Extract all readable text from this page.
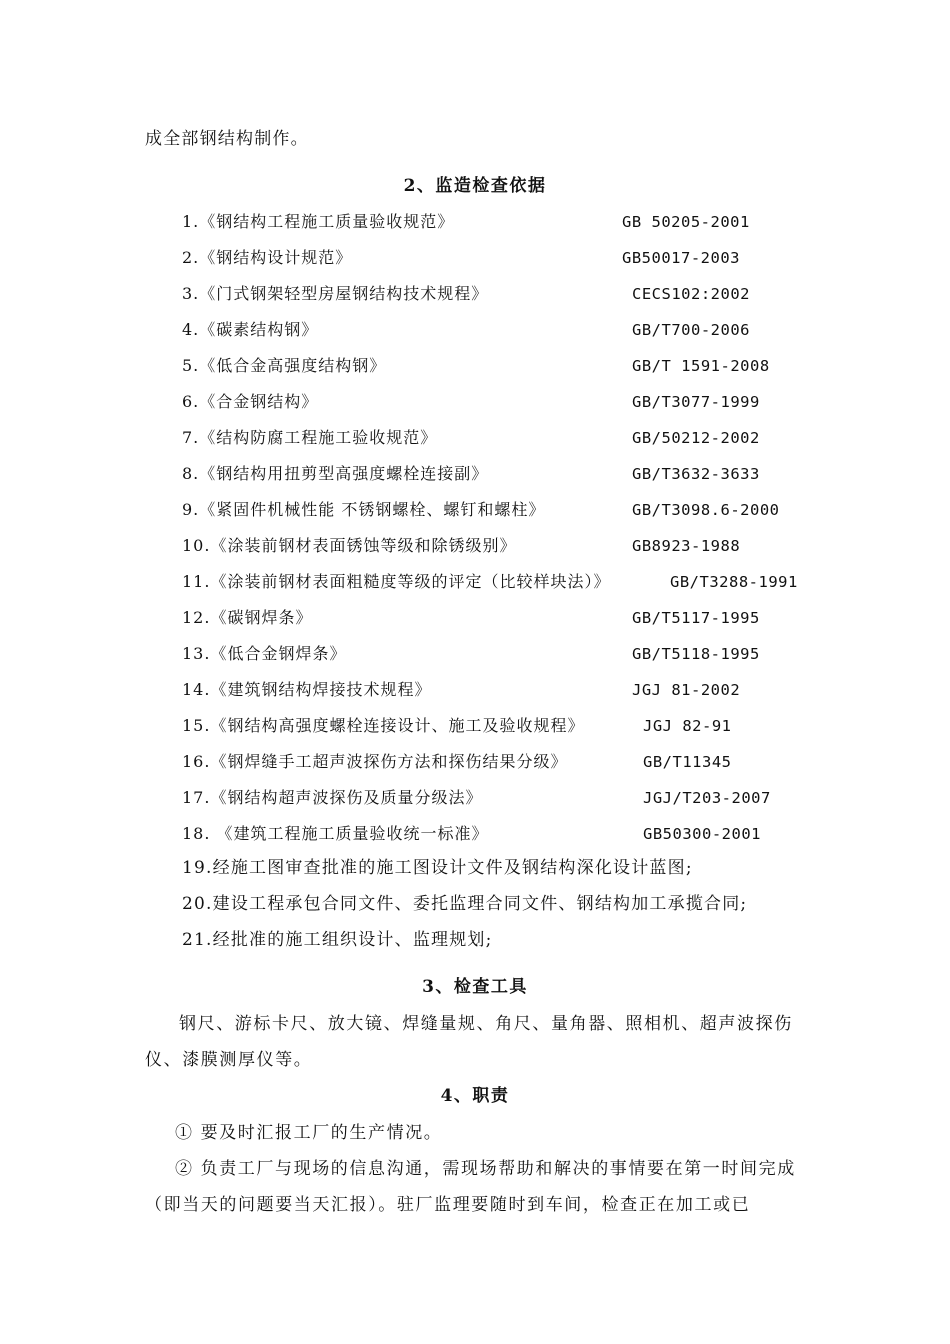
成全部钢结构制作。
2、监造检查依据
1.《钢结构工程施工质量验收规范》	GB 50205-2001
2.《钢结构设计规范》	GB50017-2003
3.《门式钢架轻型房屋钢结构技术规程》	CECS102:2002
4.《碳素结构钢》	GB/T700-2006
5.《低合金高强度结构钢》	GB/T 1591-2008
6.《合金钢结构》	GB/T3077-1999
7.《结构防腐工程施工验收规范》	GB/50212-2002
8.《钢结构用扭剪型高强度螺栓连接副》	GB/T3632-3633
9.《紧固件机械性能 不锈钢螺栓、螺钉和螺柱》	GB/T3098.6-2000
10.《涂装前钢材表面锈蚀等级和除锈级别》	GB8923-1988
11.《涂装前钢材表面粗糙度等级的评定（比较样块法）》	GB/T3288-1991
12.《碳钢焊条》	GB/T5117-1995
13.《低合金钢焊条》	GB/T5118-1995
14.《建筑钢结构焊接技术规程》	JGJ 81-2002
15.《钢结构高强度螺栓连接设计、施工及验收规程》	JGJ 82-91
16.《钢焊缝手工超声波探伤方法和探伤结果分级》	GB/T11345
17.《钢结构超声波探伤及质量分级法》	JGJ/T203-2007
18. 《建筑工程施工质量验收统一标准》	GB50300-2001
19.经施工图审查批准的施工图设计文件及钢结构深化设计蓝图;
20.建设工程承包合同文件、委托监理合同文件、钢结构加工承揽合同;
21.经批准的施工组织设计、监理规划;
3、检查工具
钢尺、游标卡尺、放大镜、焊缝量规、角尺、量角器、照相机、超声波探伤仪、漆膜测厚仪等。
4、职责
① 要及时汇报工厂的生产情况。
② 负责工厂与现场的信息沟通，需现场帮助和解决的事情要在第一时间完成（即当天的问题要当天汇报）。驻厂监理要随时到车间，检查正在加工或已
